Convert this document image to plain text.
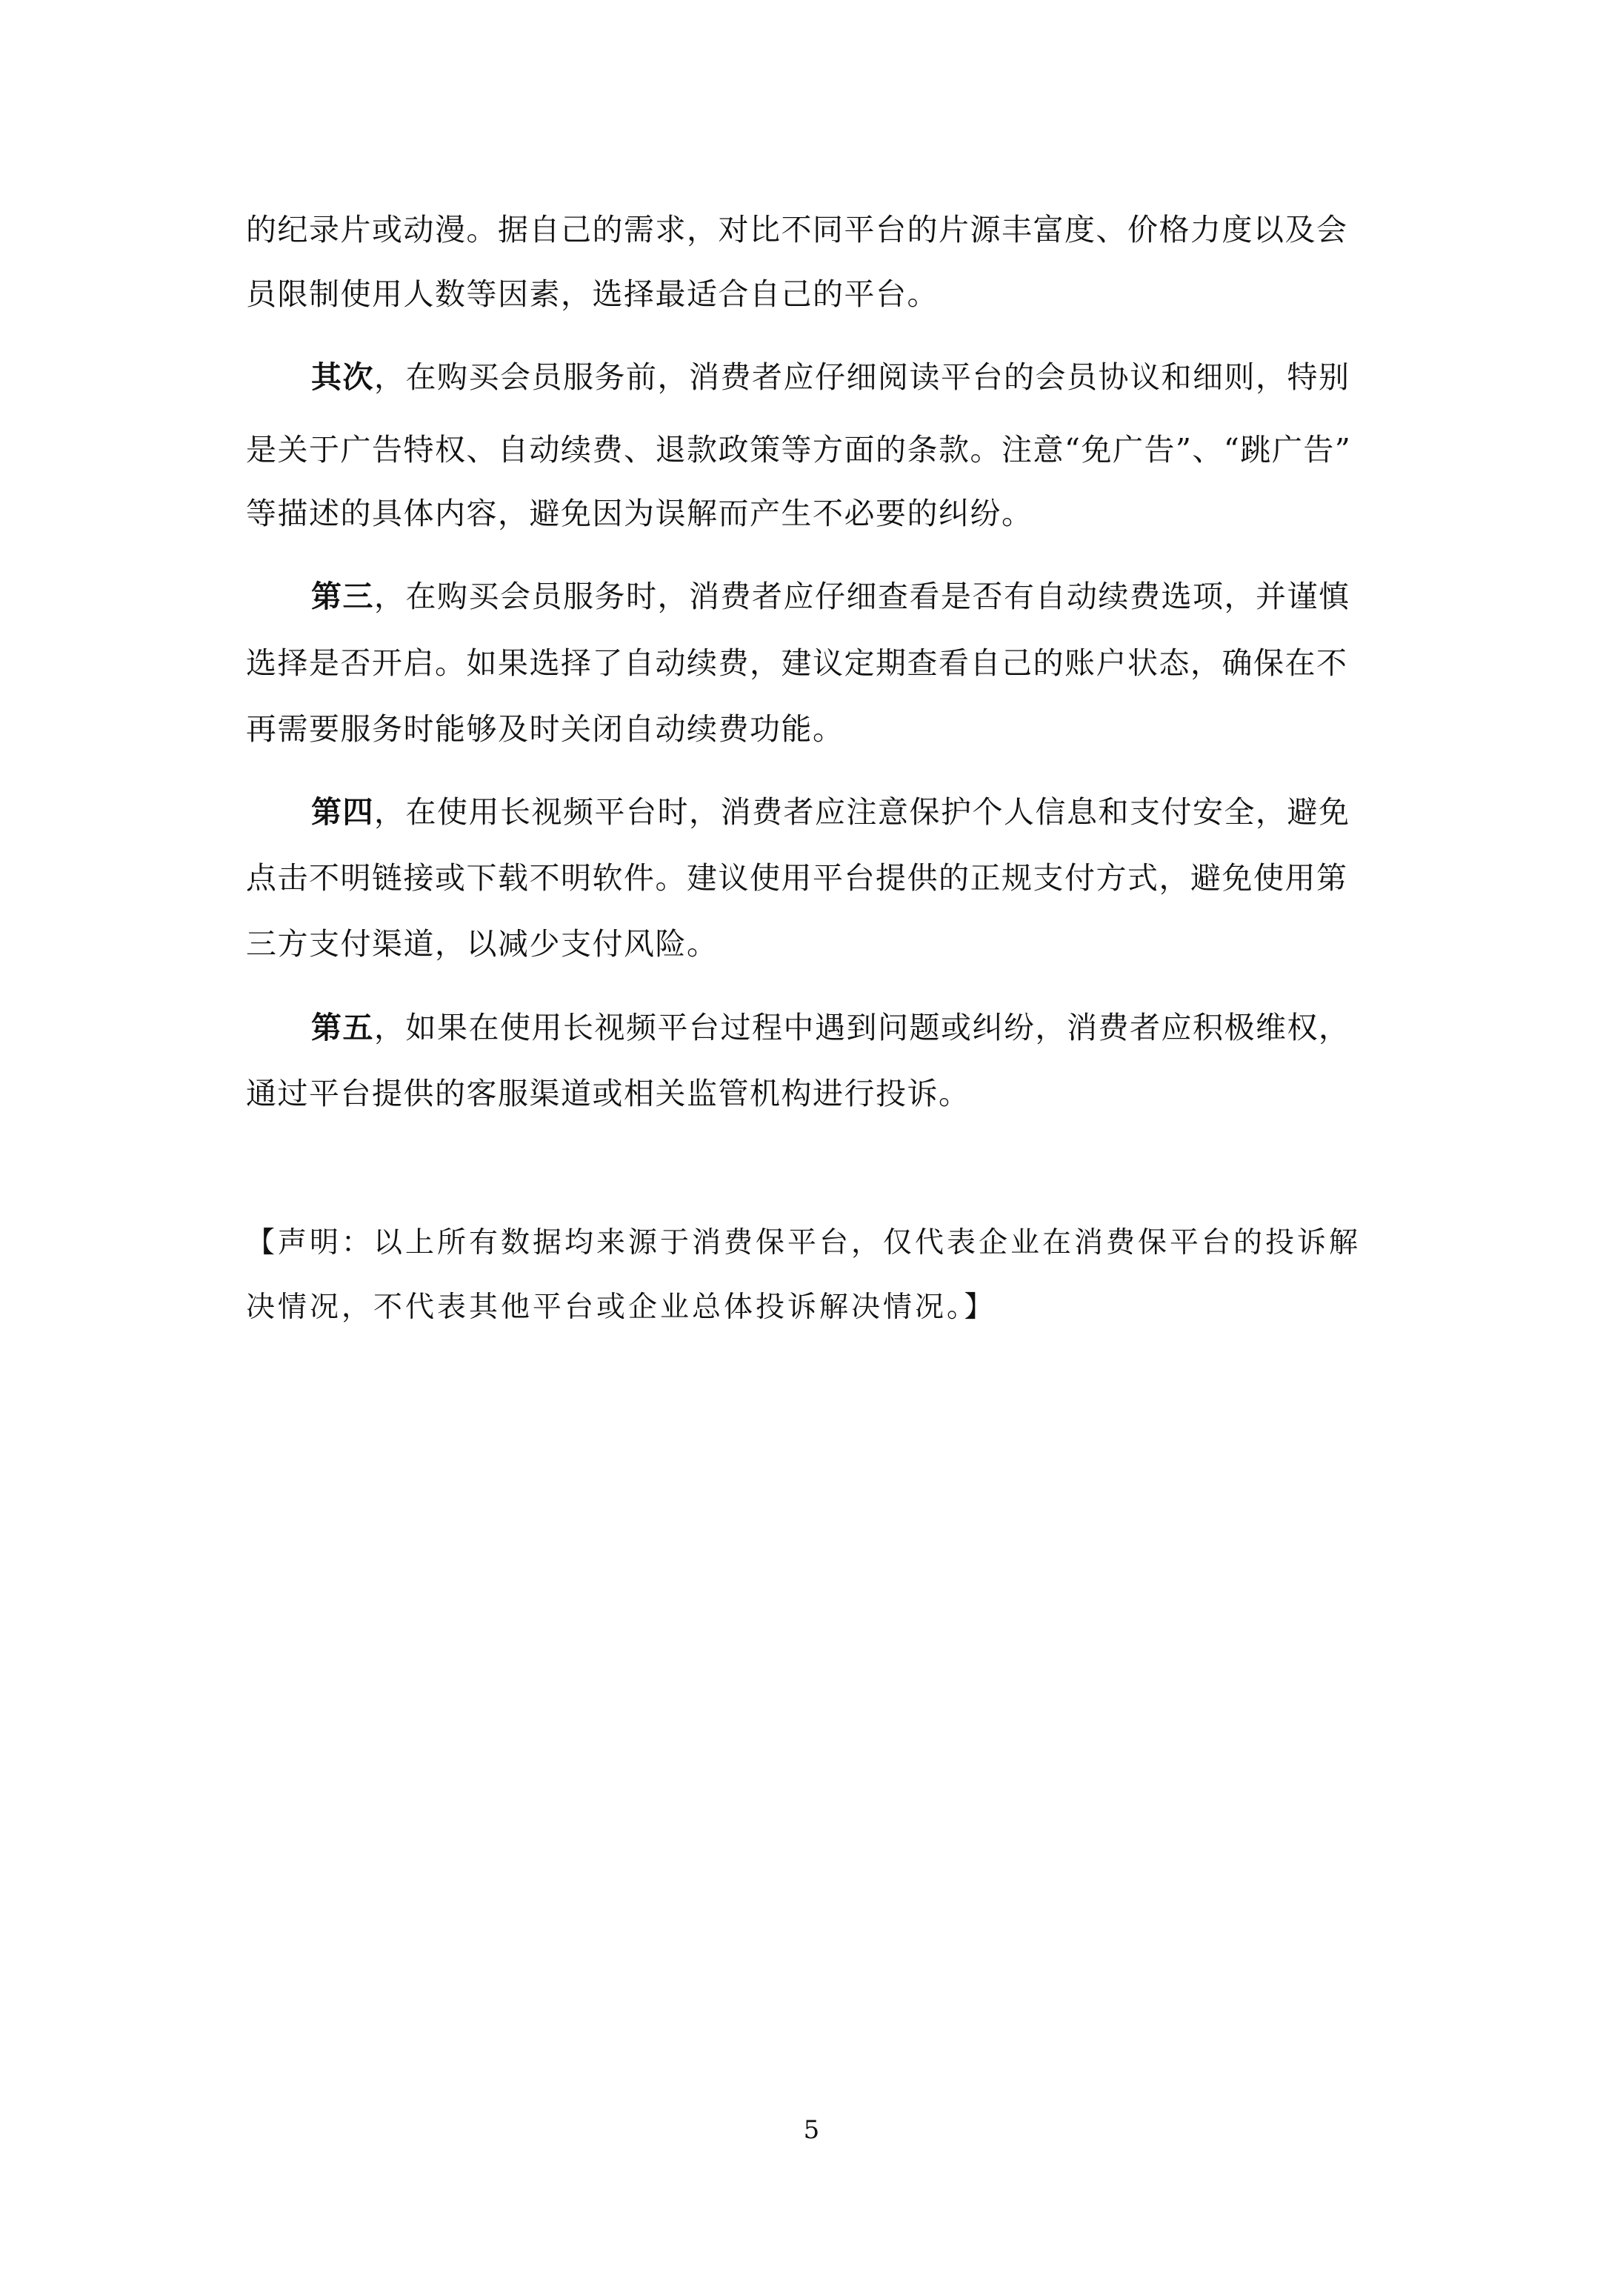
的纪录片或动漫。据自己的需求，对比不同平台的片源丰富度、价格力度以及会
员限制使用人数等因素，选择最适合自己的平台。
其次，在购买会员服务前，消费者应仔细阅读平台的会员协议和细则，特别
是关于广告特权、自动续费、退款政策等方面的条款。注意“免广告”、“跳广告”
等描述的具体内容，避免因为误解而产生不必要的纠纷。
第三，在购买会员服务时，消费者应仔细查看是否有自动续费选项，并谨慎
选择是否开启。如果选择了自动续费，建议定期查看自己的账户状态，确保在不
再需要服务时能够及时关闭自动续费功能。
第四，在使用长视频平台时，消费者应注意保护个人信息和支付安全，避免
点击不明链接或下载不明软件。建议使用平台提供的正规支付方式，避免使用第
三方支付渠道，以减少支付风险。
第五，如果在使用长视频平台过程中遇到问题或纠纷，消费者应积极维权，
通过平台提供的客服渠道或相关监管机构进行投诉。
【声明：以上所有数据均来源于消费保平台，仅代表企业在消费保平台的投诉解
决情况，不代表其他平台或企业总体投诉解决情况。】
5
